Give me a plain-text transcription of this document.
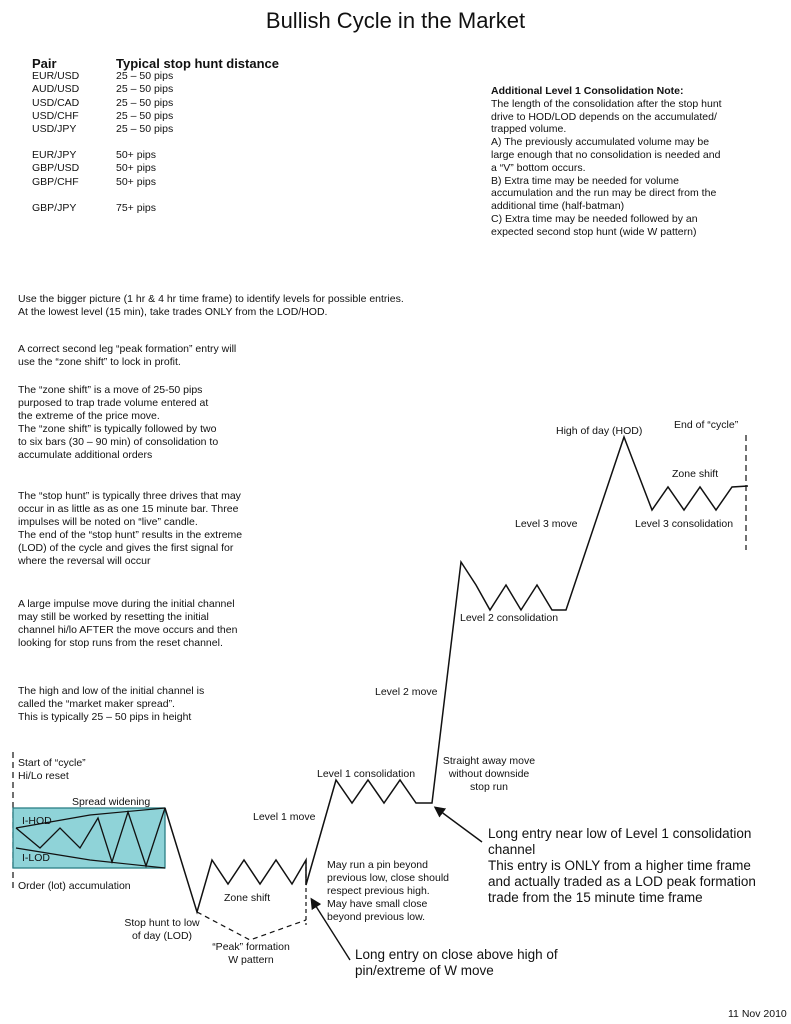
Bullish Cycle in the Market
Pair	Typical stop hunt distance
EUR/USD	25 – 50 pips
AUD/USD	25 – 50 pips
USD/CAD	25 – 50 pips
USD/CHF	25 – 50 pips
USD/JPY	25 – 50 pips
EUR/JPY	50+ pips
GBP/USD	50+ pips
GBP/CHF	50+ pips
GBP/JPY	75+ pips
Additional Level 1 Consolidation Note:
The length of the consolidation after the stop hunt
drive to HOD/LOD depends on the accumulated/
trapped volume.
A) The previously accumulated volume may be
large enough that no consolidation is needed and
a “V” bottom occurs.
B) Extra time may be needed for volume
accumulation and the run may be direct from the
additional time (half-batman)
C) Extra time may be needed followed by an
expected second stop hunt (wide W pattern)
Use the bigger picture (1 hr & 4 hr time frame) to identify levels for possible entries.
At the lowest level (15 min), take trades ONLY from the LOD/HOD.
A correct second leg “peak formation” entry will
use the “zone shift” to lock in profit.
The “zone shift” is a move of 25-50 pips
purposed to trap trade volume entered at
the extreme of the price move.
The “zone shift” is typically followed by two
to six bars (30 – 90 min) of consolidation to
accumulate additional orders
The “stop hunt” is typically three drives that may
occur in as little as as one 15 minute bar. Three
impulses will be noted on “live” candle.
The end of the “stop hunt” results in the extreme
(LOD) of the cycle and gives the first signal for
where the reversal will occur
A large impulse move during the initial channel
may still be worked by resetting the initial
channel hi/lo AFTER the move occurs and then
looking for stop runs from the reset channel.
The high and low of the initial channel is
called the “market maker spread”.
This is typically 25 – 50 pips in height
Start of “cycle”
Hi/Lo reset
Spread widening
I-HOD
I-LOD
Order (lot) accumulation
Stop hunt to low
of day (LOD)
Zone shift
“Peak” formation
W pattern
Level 1 move
Level 1 consolidation
May run a pin beyond
previous low, close should
respect previous high.
May have small close
beyond previous low.
Straight away move
without downside
stop run
Level 2 move
Level 2 consolidation
Level 3 move
High of day (HOD)	End of “cycle”
Zone shift
Level 3 consolidation
Long entry near low of Level 1 consolidation
channel
This entry is ONLY from a higher time frame
and actually traded as a LOD peak formation
trade from the 15 minute time frame
Long entry on close above high of
pin/extreme of W move
11 Nov 2010
